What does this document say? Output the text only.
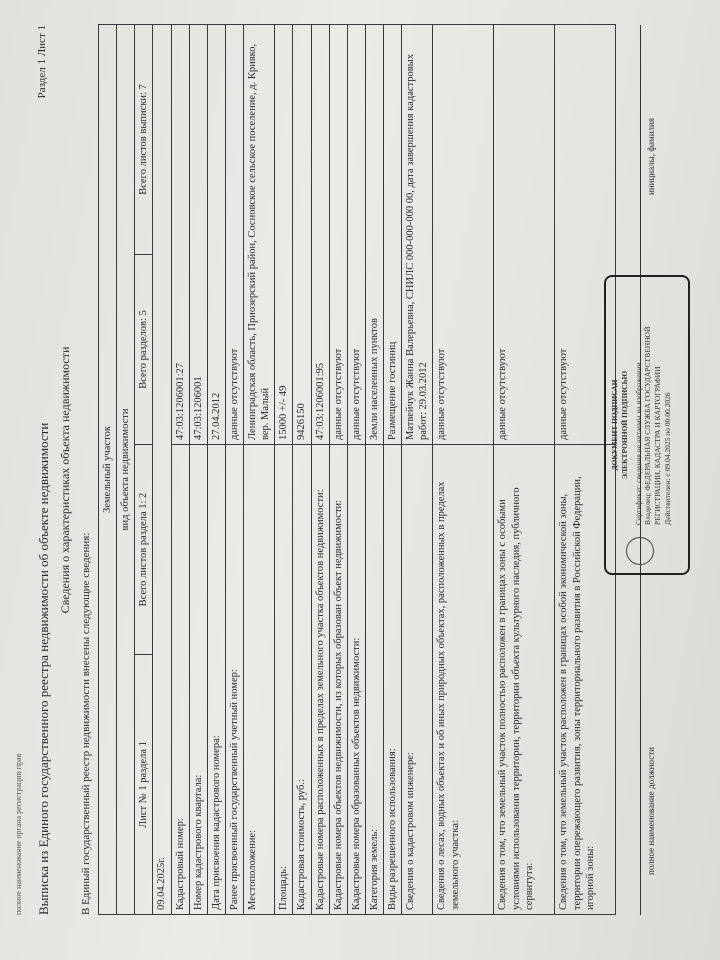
полное наименование органа регистрации прав Выписка из Единого государственного реестра недвижимости об объекте недвижимости
Раздел 1 Лист 1
Сведения о характеристиках объекта недвижимости
В Единый государственный реестр недвижимости внесены следующие сведения:
Земельный участок			

вид объекта недвижимости			
Лист № 1 раздела 1	Всего листов раздела 1: 2	Всего разделов: 5	Всего листов выписки: 7
09.04.2025г.			
Кадастровый номер:		47:03:1206001:27	
Номер кадастрового квартала:		47:03:1206001	
Дата присвоения кадастрового номера:		27.04.2012	
Ранее присвоенный государственный учетный номер:		данные отсутствуют	
Местоположение:		Ленинградская область, Приозерский район, Сосновское сельское поселение, д. Кривко, вер. Малый	
Площадь:		15000 +/- 49	
Кадастровая стоимость, руб.:		9426150	
Кадастровые номера расположенных в пределах земельного участка объектов недвижимости:		47:03:1206001:95	
Кадастровые номера объектов недвижимости, из которых образован объект недвижимости:		данные отсутствуют	
Кадастровые номера образованных объектов недвижимости:		данные отсутствуют	
Категория земель:		Земли населенных пунктов	
Виды разрешенного использования:		Размещение гостиниц	
Сведения о кадастровом инженере:		Матвейчук Жанна Валерьевна, СНИЛС 000-000-000 00, дата завершения кадастровых работ: 29.03.2012	
Сведения о лесах, водных объектах и об иных природных объектах, расположенных в пределах земельного участка:		данные отсутствуют	
Сведения о том, что земельный участок полностью расположен в границах зоны с особыми условиями использования территории, территории объекта культурного наследия, публичного сервитута:		данные отсутствуют	
Сведения о том, что земельный участок расположен в границах особой экономической зоны, территории опережающего развития, зоны территориального развития в Российской Федерации, игорной зоны:		данные отсутствуют	
полное наименование должности
инициалы, фамилия
ДОКУМЕНТ ПОДПИСАН ЭЛЕКТРОННОЙ ПОДПИСЬЮ Сертификат: сведения не читаемы на изображении Владелец: ФЕДЕРАЛЬНАЯ СЛУЖБА ГОСУДАРСТВЕННОЙ РЕГИСТРАЦИИ, КАДАСТРА И КАРТОГРАФИИ Действителен: с 09.04.2025 по 00.00.2026
